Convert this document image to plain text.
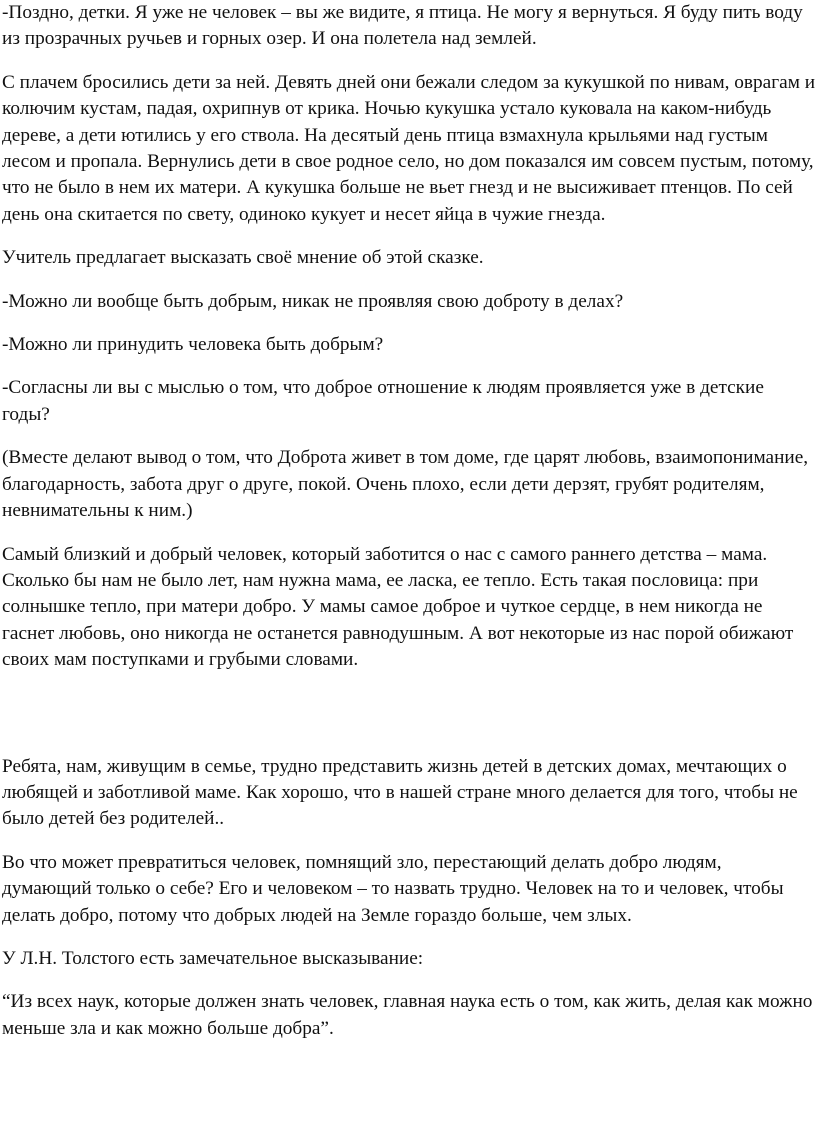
-Поздно, детки. Я уже не человек – вы же видите, я птица. Не могу я вернуться. Я буду пить воду из прозрачных ручьев и горных озер. И она полетела над землей.

С плачем бросились дети за ней. Девять дней они бежали следом за кукушкой по нивам, оврагам и колючим кустам, падая, охрипнув от крика. Ночью кукушка устало куковала на каком-нибудь дереве, а дети ютились у его ствола. На десятый день птица взмахнула крыльями над густым лесом и пропала. Вернулись дети в свое родное село, но дом показался им совсем пустым, потому, что не было в нем их матери. А кукушка больше не вьет гнезд и не высиживает птенцов. По сей день она скитается по свету, одиноко кукует и несет яйца в чужие гнезда.

Учитель предлагает высказать своё мнение об этой сказке.

-Можно ли вообще быть добрым, никак не проявляя свою доброту в делах?

-Можно ли принудить человека быть добрым?

-Согласны ли вы с мыслью о том, что доброе отношение к людям проявляется уже в детские годы?

(Вместе делают вывод о том, что Доброта живет в том доме, где царят любовь, взаимопонимание, благодарность, забота друг о друге, покой. Очень плохо, если дети дерзят, грубят родителям, невнимательны к ним.)

Самый близкий и добрый человек, который заботится о нас с самого раннего детства – мама. Сколько бы нам не было лет, нам нужна мама, ее ласка, ее тепло. Есть такая пословица: при солнышке тепло, при матери добро. У мамы самое доброе и чуткое сердце, в нем никогда не гаснет любовь, оно никогда не останется равнодушным. А вот некоторые из нас порой обижают своих мам поступками и грубыми словами.

Ребята, нам, живущим в семье, трудно представить жизнь детей в детских домах, мечтающих о любящей и заботливой маме. Как хорошо, что в нашей стране много делается для того, чтобы не было детей без родителей..

Во что может превратиться человек, помнящий зло, перестающий делать добро людям, думающий только о себе? Его и человеком – то назвать трудно. Человек на то и человек, чтобы делать добро, потому что добрых людей на Земле гораздо больше, чем злых.

У Л.Н. Толстого есть замечательное высказывание:

“Из всех наук, которые должен знать человек, главная наука есть о том, как жить, делая как можно меньше зла и как можно больше добра”.
